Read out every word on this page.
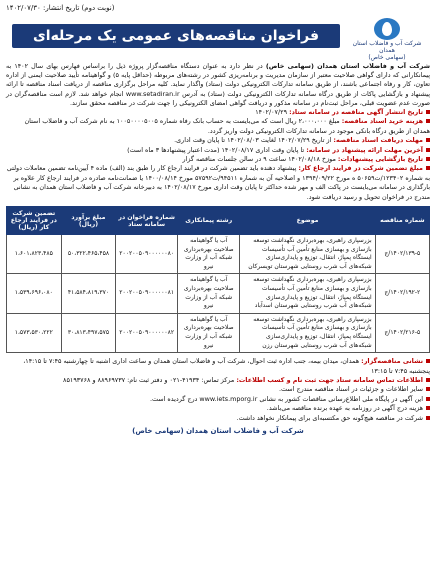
(نوبت دوم) تاریخ انتشار: ۱۴۰۲/۰۷/۳۰
شرکت آب و فاضلاب استان همدان
(سهامی خاص)
فراخوان مناقصه‌های عمومی یک مرحله‌ای
شرکت آب و فاضلاب استان همدان (سهامی خاص) در نظر دارد به عنوان دستگاه مناقصه‌گزار پروژه ذیل را براساس فهارس بهای سال ۱۴۰۲ به پیمانکارانی که دارای گواهی صلاحیت معتبر از سازمان مدیریت و برنامه‌ریزی کشور در رشته‌های مربوطه (حداقل پایه ۵) و گواهینامه تأیید صلاحیت ایمنی از اداره تعاون، کار و رفاه اجتماعی باشند، از طریق سامانه تدارکات الکترونیکی دولت (ستاد) واگذار نماید. کلیه مراحل برگزاری مناقصه از دریافت اسناد مناقصه تا ارائه پیشنهاد و بازگشایی پاکات از طریق درگاه سامانه تدارکات الکترونیکی دولت (ستاد) به آدرس www.setadiran.ir انجام خواهد شد. لازم است مناقصه‌گران در صورت عدم عضویت قبلی، مراحل ثبت‌نام در سامانه مذکور و دریافت گواهی امضای الکترونیکی را جهت شرکت در مناقصه محقق سازند.
تاریخ انتشار آگهی مناقصه در سامانه ستاد: ۱۴۰۲/۰۷/۲۹
هزینه خرید اسناد مناقصه: مبلغ ۲،۰۰۰،۰۰۰ ریال است که می‌بایست به حساب بانک رفاه شماره ۱۰۰۵۰۰۰۰۵۰۰۵ به نام شرکت آب و فاضلاب استان همدان از طریق درگاه بانکی موجود در سامانه تدارکات الکترونیکی دولت واریز گردد.
مهلت دریافت اسناد مناقصه: از تاریخ ۱۴۰۲/۰۷/۲۹ لغایت ۱۴۰۲/۰۸/۰۳ تا پایان وقت اداری.
آخرین مهلت ارائه پیشنهاد در سامانه: تا پایان وقت اداری ۱۴۰۲/۰۸/۱۷ (مدت اعتبار پیشنهادها ۳ ماه است)
تاریخ بازگشایی پیشنهادات: موزخ ۱۴۰۲/۰۸/۱۸ ساعت ۹ در سالن جلسات مناقصه گزار
مبلغ تضمین شرکت در فرایند ارجاع کار: پیشنهاد دهنده باید تضمین شرکت در فرایند ارجاع کار را طبق بند (الف) ماده ۴ آیین‌نامه تضمین معاملات دولتی به شماره ۱۲۳۴۰۲/ت۵۰۶۵۹ ه مورخ ۱۳۹۴/۰۹/۲۲ و اصلاحیه آن به شماره ۹۴۵۱۱/ت۵۷۵۹۲ مورخ ۱۴۰۰/۰۸/۱۴ یا ضمانت‌نامه صادره در فرایند ارجاع کار علاوه بر بارگذاری در سامانه می‌بایست در پاکت الف و مهر شده حداکثر تا پایان وقت اداری مورخ ۱۴۰۲/۰۸/۱۷ به دبیرخانه شرکت آب و فاضلاب استان همدان به نشانی مندرج در فراخوان تحویل و رسید دریافت شود.
شماره مناقصه	موضوع	رشته پیمانکاری	شماره فراخوان در سامانه ستاد	مبلغ برآورد (ریال)	تضمین شرکت در فرایند ارجاع کار (ریال)
۱۴۰۲/۱۳۹-۵/ج	بزرسپاری راهبری، بهره‌برداری نگهداشت توسعه بازسازی و بهسازی منابع تأمین آب تأسیسات ایستگاه پمپاژ، انتقال، توزیع و پایداری‌سازی شبکه‌های آب شرب روستایی شهرستان تویسرکان	آب یا گواهینامه صلاحیت بهره‌برداری شبکه آب از وزارت نیرو	۲۰۰۲۰۰۵۰۹۰۰۰۰۰۰۸۰	۵۰،۳۲۲،۴۶۵،۴۵۸	۱،۶۰۱،۸۲۳،۴۸۵
۱۴۰۲/۱۹۲-۲/ج	بزرسپاری راهبری، بهره‌برداری نگهداشت توسعه بازسازی و بهسازی منابع تأمین آب تأسیسات ایستگاه پمپاژ، انتقال، توزیع و پایداری‌سازی شبکه‌های آب شرب روستایی شهرستان اسدآباد	آب یا گواهینامه صلاحیت بهره‌برداری شبکه آب از وزارت نیرو	۲۰۰۲۰۰۵۰۹۰۰۰۰۰۰۸۱	۴۱،۵۸۴،۸۱۹،۳۷۰	۱،۵۳۹،۶۹۶،۰۸۰
۱۴۰۲/۲۱۶-۵/ج	بزرسپاری راهبری، بهره‌برداری نگهداشت توسعه بازسازی و بهسازی منابع تأمین آب تأسیسات ایستگاه پمپاژ، انتقال، توزیع و پایداری‌سازی شبکه‌های آب شرب روستایی شهرستان رزن	آب یا گواهینامه صلاحیت بهره‌برداری شبکه آب از وزارت نیرو	۲۰۰۲۰۰۵۰۹۰۰۰۰۰۰۸۲	۳۰،۸۱۳،۴۹۷،۵۷۵	۱،۵۷۳،۵۳۰،۲۲۲
نشانی مناقصه‌گزار: همدان، میدان بیمه، جنب اداره ثبت احوال، شرکت آب و فاضلاب استان همدان و ساعت اداری اشنبه تا چهارشنبه ۷:۴۵ تا ۱۴:۱۵، پنجشنبه ۷:۴۵ تا ۱۳:۱۵
اطلاعات تماس سامانه ستاد جهت ثبت نام و کسب اطلاعات: مرکز تماس: ۴۱۹۳۴-۰۲۱ و دفتر ثبت نام: ۸۸۹۶۹۷۳۷ و ۸۵۱۹۳۷۶۸
سایر اطلاعات و جزئیات در اسناد مناقصه مندرج است.
این آگهی در پایگاه ملی اطلاع‌رسانی مناقصات کشور به نشانی www.iets.mporg.ir درج گردیده است.
هزینه درج آگهی در روزنامه به عهده برنده مناقصه می‌باشد.
شرکت در مناقصه هیچ‌گونه حق مکتسبه‌ای برای پیمانکار نخواهد داشت.
شرکت آب و فاضلاب استان همدان (سهامی خاص)
